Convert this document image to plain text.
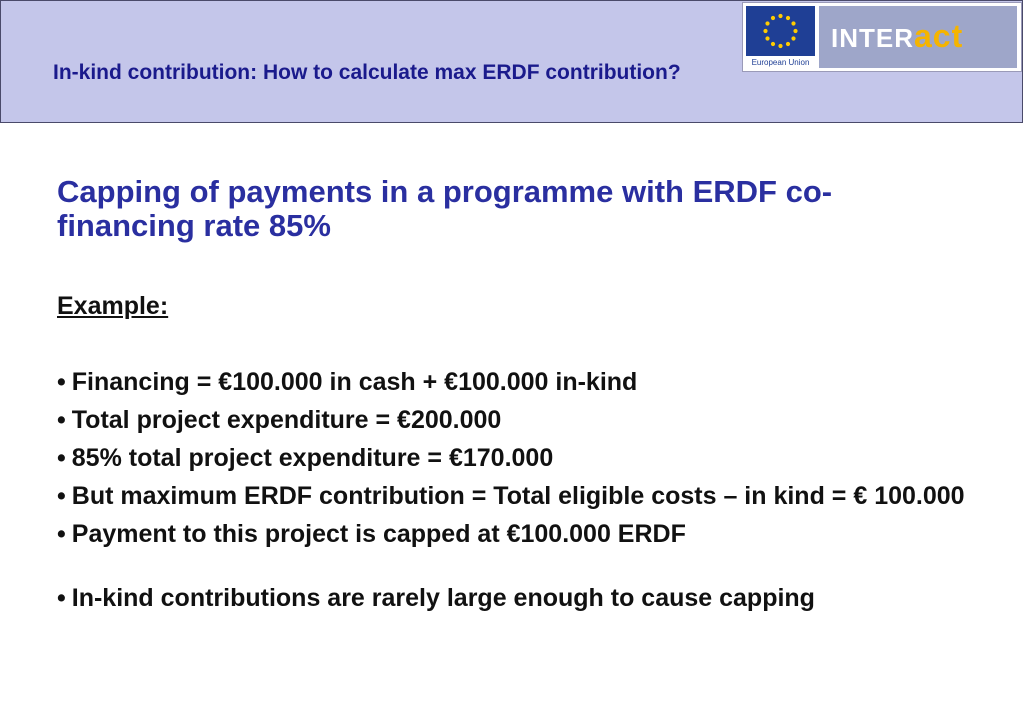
In-kind contribution: How to calculate max ERDF contribution?	European Union
INTERact
Capping of payments in a programme with ERDF co-financing rate 85%
Example:
• Financing = €100.000 in cash + €100.000 in-kind
• Total project expenditure = €200.000
• 85% total project expenditure = €170.000
• But maximum ERDF contribution = Total eligible costs – in kind = € 100.000
• Payment to this project is capped at €100.000 ERDF
• In-kind contributions are rarely large enough to cause capping
